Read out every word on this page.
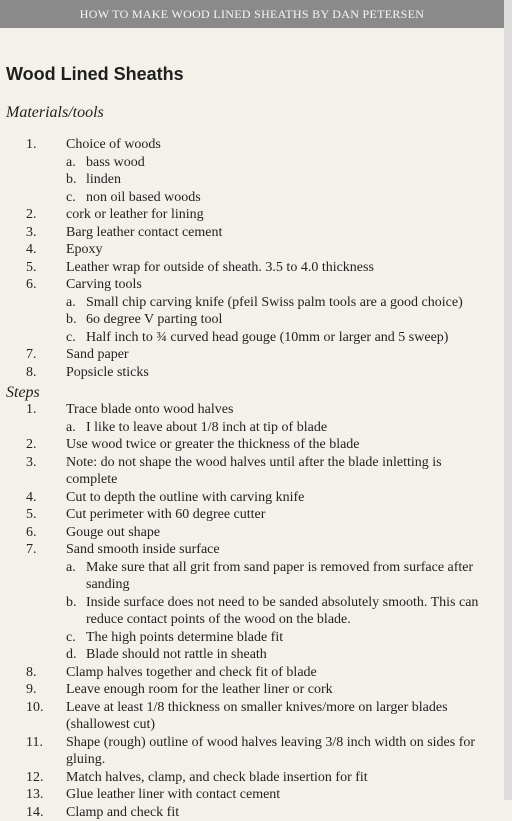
HOW TO MAKE WOOD LINED SHEATHS BY DAN PETERSEN
Wood Lined Sheaths
Materials/tools
1.	Choice of woods
a. bass wood
b. linden
c. non oil based woods
2.	cork or leather for lining
3.	Barg leather contact cement
4.	Epoxy
5.	Leather wrap for outside of sheath. 3.5 to 4.0 thickness
6.	Carving tools
a. Small chip carving knife (pfeil Swiss palm tools are a good choice)
b. 6o degree V parting tool
c. Half inch to ¾ curved head gouge (10mm or larger and 5 sweep)
7.	Sand paper
8.	Popsicle sticks
Steps
1.	Trace blade onto wood halves
a. I like to leave about 1/8 inch at tip of blade
2.	Use wood twice or greater the thickness of the blade
3.	Note: do not shape the wood halves until after the blade inletting is complete
4.	Cut to depth the outline with carving knife
5.	Cut perimeter with 60 degree cutter
6.	Gouge out shape
7.	Sand smooth inside surface
a. Make sure that all grit from sand paper is removed from surface after sanding
b. Inside surface does not need to be sanded absolutely smooth. This can reduce contact points of the wood on the blade.
c. The high points determine blade fit
d. Blade should not rattle in sheath
8.	Clamp halves together and check fit of blade
9.	Leave enough room for the leather liner or cork
10.	Leave at least 1/8 thickness on smaller knives/more on larger blades (shallowest cut)
11.	Shape (rough) outline of wood halves leaving 3/8 inch width on sides for gluing.
12.	Match halves, clamp, and check blade insertion for fit
13.	Glue leather liner with contact cement
14.	Clamp and check fit
